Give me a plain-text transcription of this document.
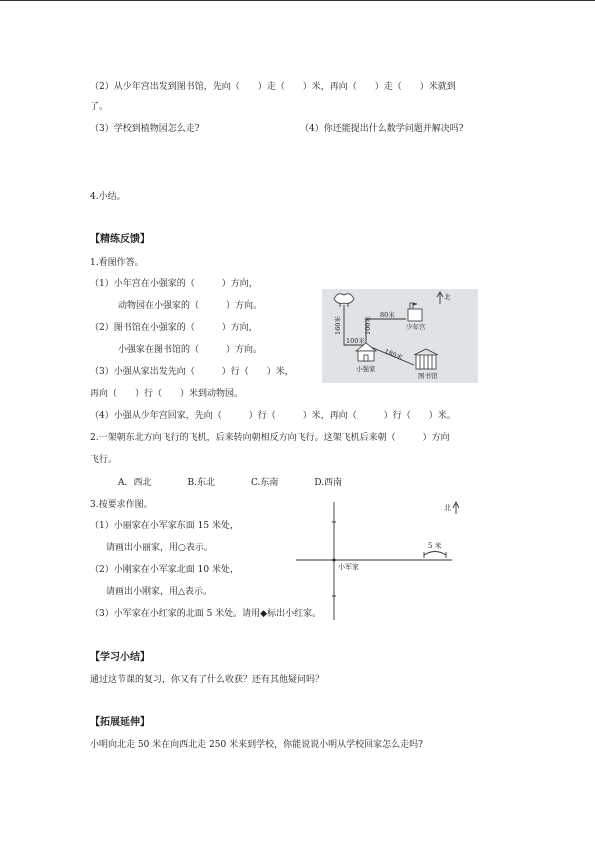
（2）从少年宫出发到图书馆，先向（　　）走（　　）米，再向（　　）走（　　）米就到
了。
（3）学校到植物园怎么走?	（4）你还能提出什么数学问题并解决吗?
4.小结。
【精练反馈】
1.看图作答。
（1）小年宫在小强家的（　　　）方向，
动物园在小强家的（　　　）方向。
（2）图书馆在小强家的（　　　）方向，
小强家在图书馆的（　　　）方向。
（3）小强从家出发先向（　　　）行（　　）米，
再向（　　）行（　　）米到动物园。
（4）小强从少年宫回家，先向（　　　）行（　　　）米，再向（　　　）行（　　）米。
2.一架朝东北方向飞行的飞机，后来转向朝相反方向飞行。这架飞机后来朝（　　　）方向
飞行。
A．西北　　　　B.东北　　　　C.东南　　　　D.西南
3.按要求作图。
（1）小丽家在小军家东面 15 米处，
请画出小丽家，用○表示。
（2）小刚家在小军家北面 10 米处，
请画出小刚家，用△表示。
（3）小军家在小红家的北面 5 米处。请用◆标出小红家。
【学习小结】
通过这节课的复习，你又有了什么收获？还有其他疑问吗？
【拓展延伸】
小明向北走 50 米在向西北走 250 米来到学校，你能说说小明从学校回家怎么走吗?
北
80米
100米
160米
100米
180米
少年宫
小强家
图书馆
北
5 米
小军家
